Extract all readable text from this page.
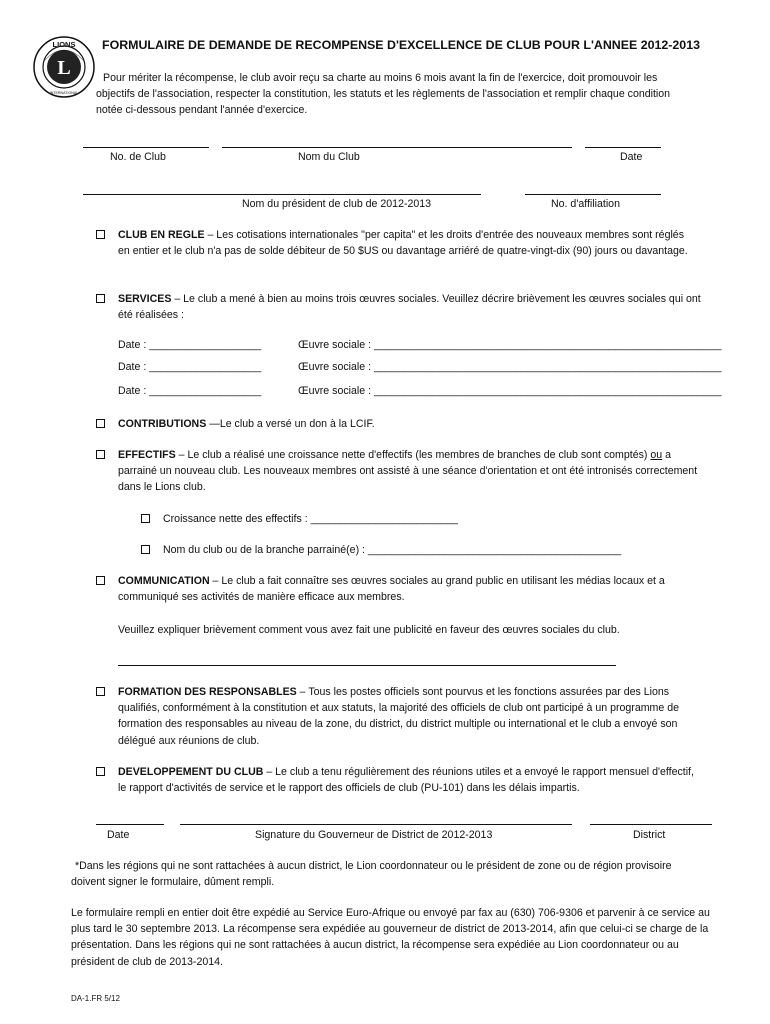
L
LIONS
INTERNATIONAL
FORMULAIRE DE DEMANDE DE RECOMPENSE D'EXCELLENCE DE CLUB POUR L'ANNEE 2012-2013
Pour mériter la récompense, le club avoir reçu sa charte au moins 6 mois avant la fin de l'exercice, doit promouvoir les objectifs de l'association, respecter la constitution, les statuts et les règlements de l'association et remplir chaque condition notée ci-dessous pendant l'année d'exercice.
No. de Club	Nom du Club	Date
Nom du président de club de 2012-2013	No. d'affiliation
CLUB EN REGLE – Les cotisations internationales "per capita" et les droits d'entrée des nouveaux membres sont réglés en entier et le club n'a pas de solde débiteur de 50 $US ou davantage arriéré de quatre-vingt-dix (90) jours ou davantage.
SERVICES – Le club a mené à bien au moins trois œuvres sociales. Veuillez décrire brièvement les œuvres sociales qui ont été réalisées :
Date : ___________________	Œuvre sociale : ___________________________________________________________
Date : ___________________	Œuvre sociale : ___________________________________________________________
Date : ___________________	Œuvre sociale : ___________________________________________________________
CONTRIBUTIONS —Le club a versé un don à la LCIF.
EFFECTIFS – Le club a réalisé une croissance nette d'effectifs (les membres de branches de club sont comptés) ou a parrainé un nouveau club. Les nouveaux membres ont assisté à une séance d'orientation et ont été intronisés correctement dans le Lions club.
Croissance nette des effectifs : _________________________
Nom du club ou de la branche parrainé(e) : ___________________________________________
COMMUNICATION – Le club a fait connaître ses œuvres sociales au grand public en utilisant les médias locaux et a communiqué ses activités de manière efficace aux membres.
Veuillez expliquer brièvement comment vous avez fait une publicité en faveur des œuvres sociales du club.
FORMATION DES RESPONSABLES – Tous les postes officiels sont pourvus et les fonctions assurées par des Lions qualifiés, conformément à la constitution et aux statuts, la majorité des officiels de club ont participé à un programme de formation des responsables au niveau de la zone, du district, du district multiple ou international et le club a envoyé son délégué aux réunions de club.
DEVELOPPEMENT DU CLUB – Le club a tenu régulièrement des réunions utiles et a envoyé le rapport mensuel d'effectif, le rapport d'activités de service et le rapport des officiels de club (PU-101) dans les délais impartis.
Date	Signature du Gouverneur de District de 2012-2013	District
*Dans les régions qui ne sont rattachées à aucun district, le Lion coordonnateur ou le président de zone ou de région provisoire doivent signer le formulaire, dûment rempli.
Le formulaire rempli en entier doit être expédié au Service Euro-Afrique ou envoyé par fax au (630) 706-9306 et parvenir à ce service au plus tard le 30 septembre 2013. La récompense sera expédiée au gouverneur de district de 2013-2014, afin que celui-ci se charge de la présentation. Dans les régions qui ne sont rattachées à aucun district, la récompense sera expédiée au Lion coordonnateur ou au président de club de 2013-2014.
DA-1.FR 5/12
